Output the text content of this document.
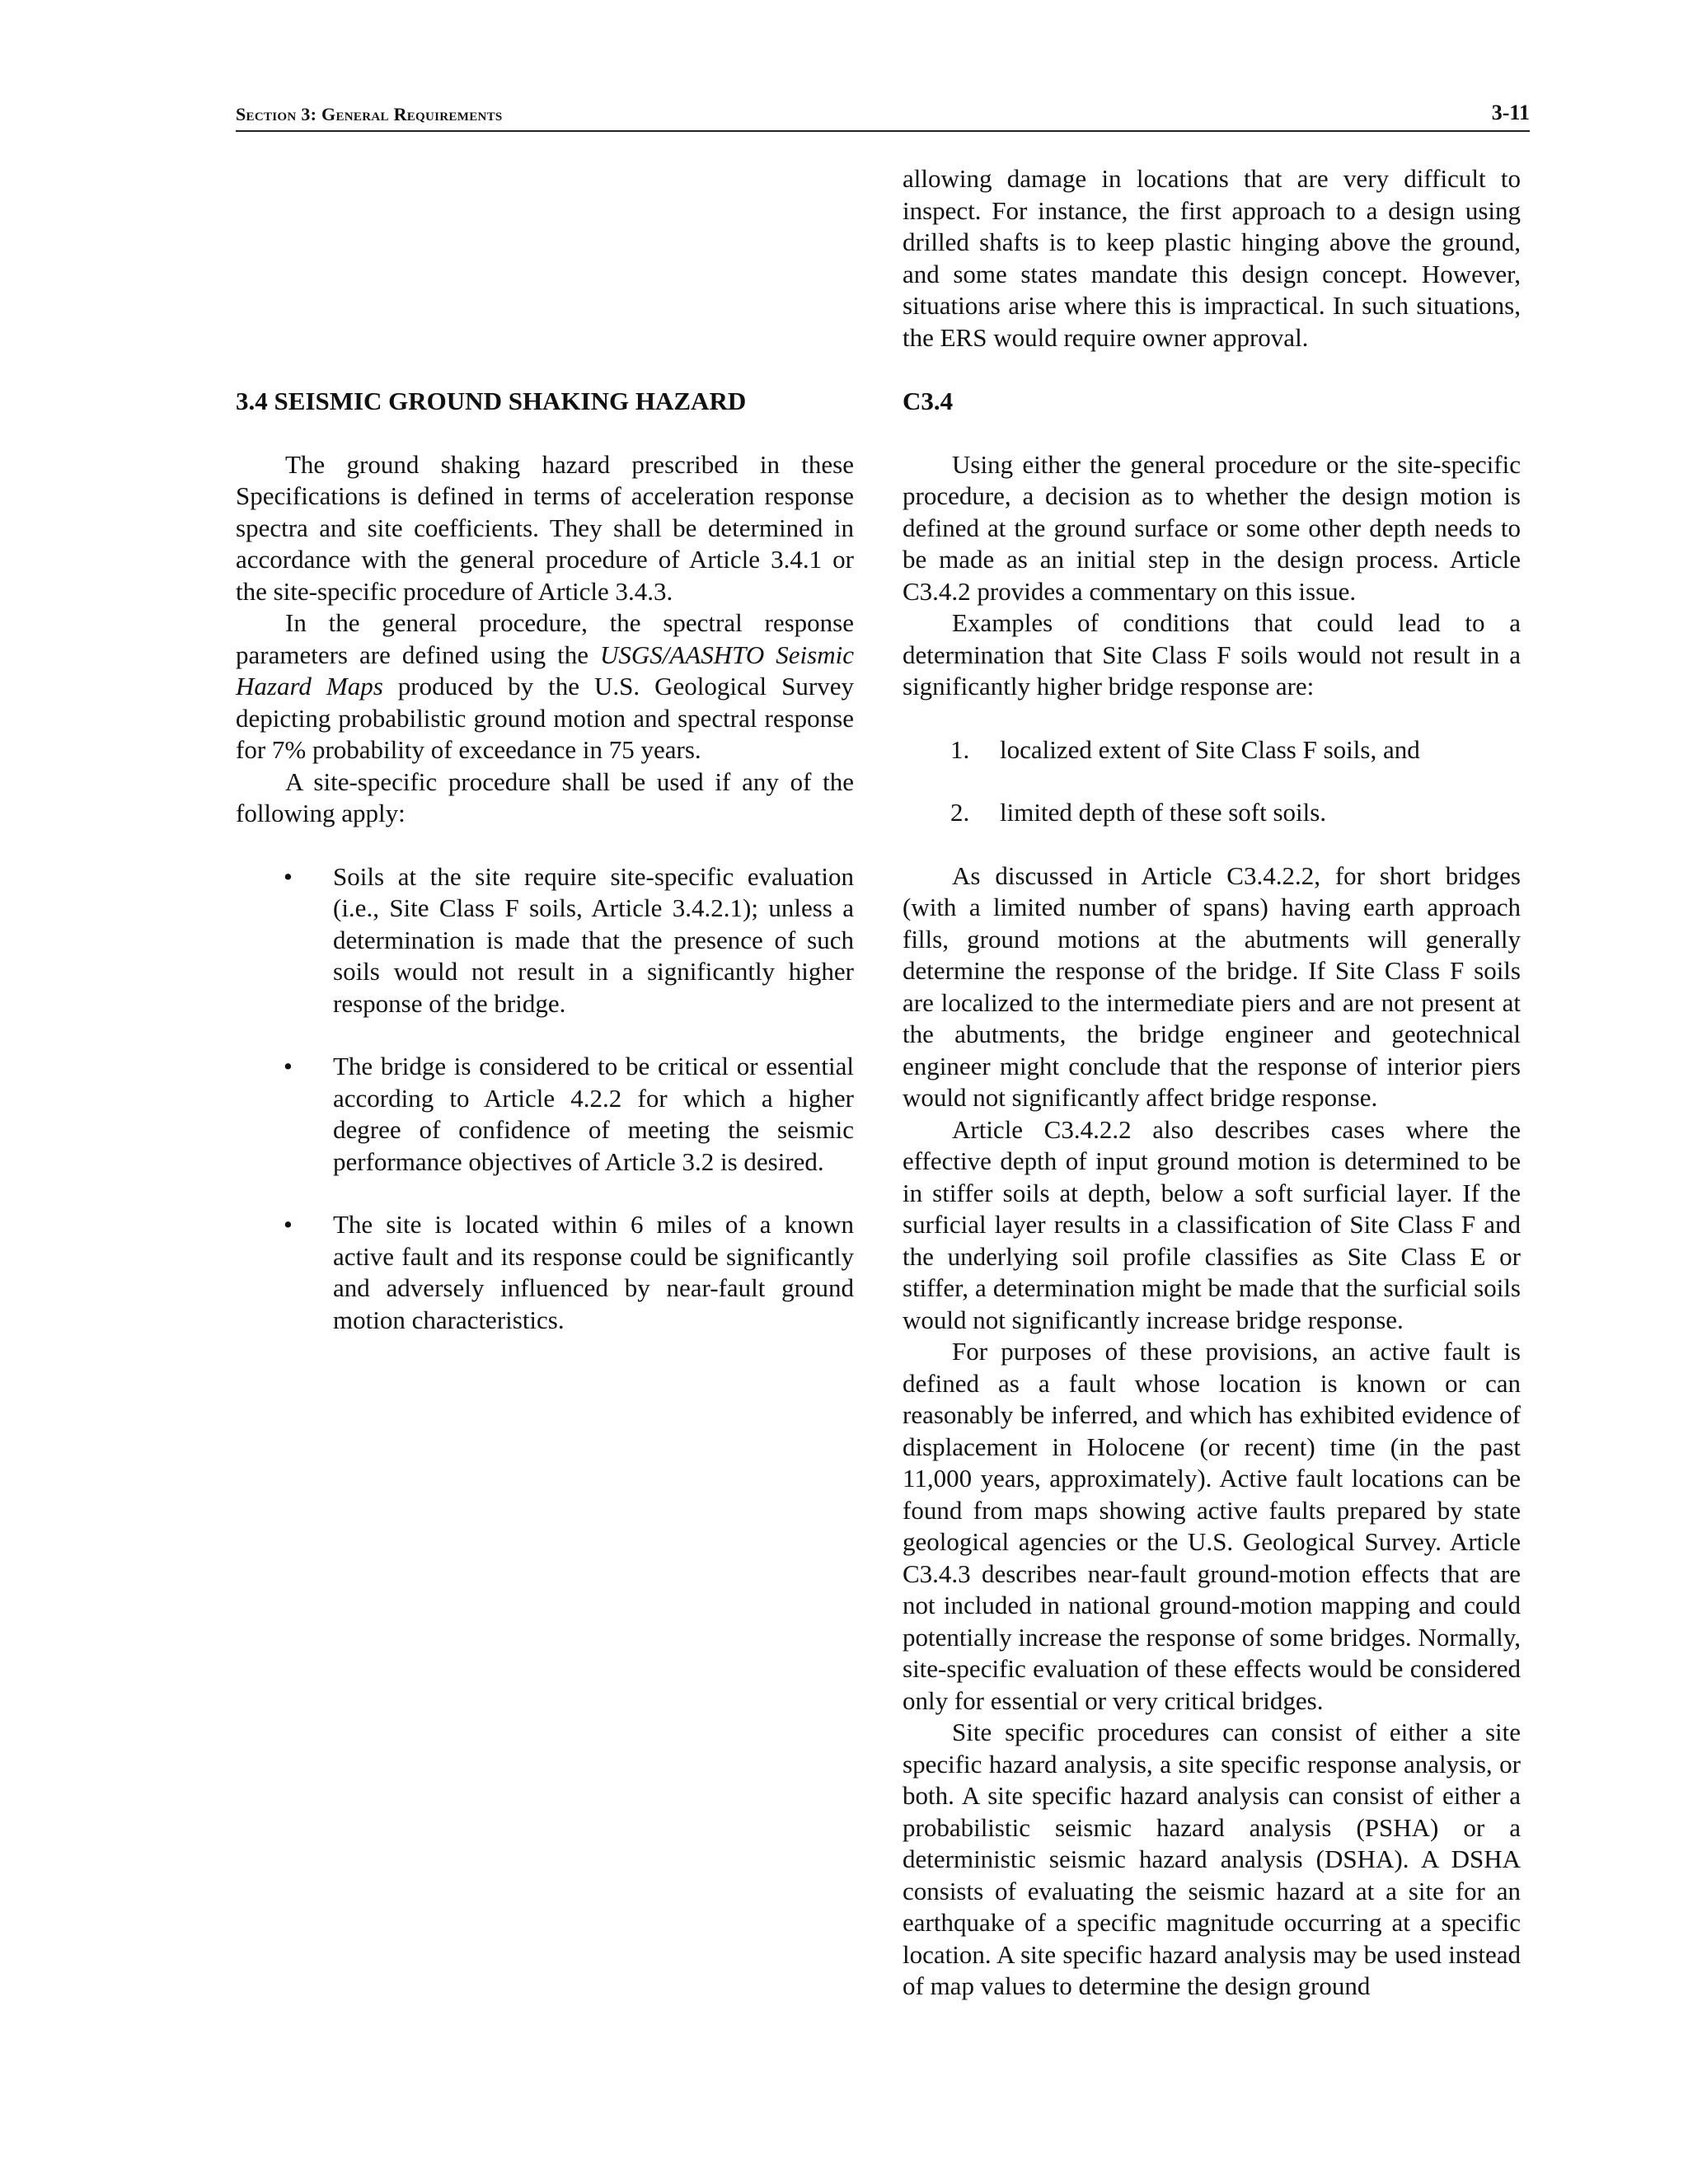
Section 3: General Requirements	3-11

allowing damage in locations that are very difficult to inspect. For instance, the first approach to a design using drilled shafts is to keep plastic hinging above the ground, and some states mandate this design concept. However, situations arise where this is impractical. In such situations, the ERS would require owner approval.

3.4 SEISMIC GROUND SHAKING HAZARD

The ground shaking hazard prescribed in these Specifications is defined in terms of acceleration response spectra and site coefficients. They shall be determined in accordance with the general procedure of Article 3.4.1 or the site-specific procedure of Article 3.4.3.

In the general procedure, the spectral response parameters are defined using the USGS/AASHTO Seismic Hazard Maps produced by the U.S. Geological Survey depicting probabilistic ground motion and spectral response for 7% probability of exceedance in 75 years.

A site-specific procedure shall be used if any of the following apply:

• Soils at the site require site-specific evaluation (i.e., Site Class F soils, Article 3.4.2.1); unless a determination is made that the presence of such soils would not result in a significantly higher response of the bridge.
• The bridge is considered to be critical or essential according to Article 4.2.2 for which a higher degree of confidence of meeting the seismic performance objectives of Article 3.2 is desired.
• The site is located within 6 miles of a known active fault and its response could be significantly and adversely influenced by near-fault ground motion characteristics.

C3.4

Using either the general procedure or the site-specific procedure, a decision as to whether the design motion is defined at the ground surface or some other depth needs to be made as an initial step in the design process. Article C3.4.2 provides a commentary on this issue.

Examples of conditions that could lead to a determination that Site Class F soils would not result in a significantly higher bridge response are:

1. localized extent of Site Class F soils, and
2. limited depth of these soft soils.

As discussed in Article C3.4.2.2, for short bridges (with a limited number of spans) having earth approach fills, ground motions at the abutments will generally determine the response of the bridge. If Site Class F soils are localized to the intermediate piers and are not present at the abutments, the bridge engineer and geotechnical engineer might conclude that the response of interior piers would not significantly affect bridge response.

Article C3.4.2.2 also describes cases where the effective depth of input ground motion is determined to be in stiffer soils at depth, below a soft surficial layer. If the surficial layer results in a classification of Site Class F and the underlying soil profile classifies as Site Class E or stiffer, a determination might be made that the surficial soils would not significantly increase bridge response.

For purposes of these provisions, an active fault is defined as a fault whose location is known or can reasonably be inferred, and which has exhibited evidence of displacement in Holocene (or recent) time (in the past 11,000 years, approximately). Active fault locations can be found from maps showing active faults prepared by state geological agencies or the U.S. Geological Survey. Article C3.4.3 describes near-fault ground-motion effects that are not included in national ground-motion mapping and could potentially increase the response of some bridges. Normally, site-specific evaluation of these effects would be considered only for essential or very critical bridges.

Site specific procedures can consist of either a site specific hazard analysis, a site specific response analysis, or both. A site specific hazard analysis can consist of either a probabilistic seismic hazard analysis (PSHA) or a deterministic seismic hazard analysis (DSHA). A DSHA consists of evaluating the seismic hazard at a site for an earthquake of a specific magnitude occurring at a specific location. A site specific hazard analysis may be used instead of map values to determine the design ground
